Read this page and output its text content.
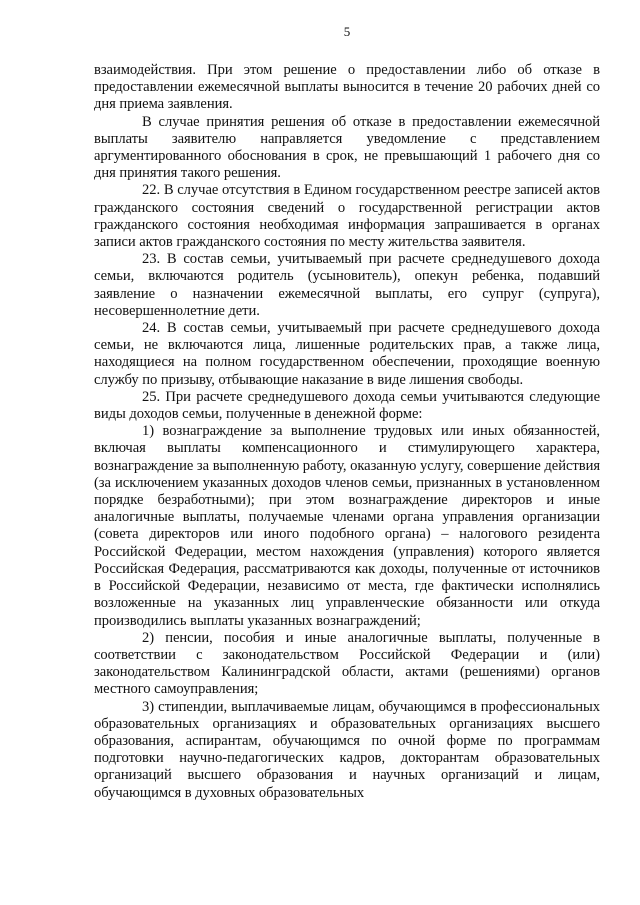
5

взаимодействия. При этом решение о предоставлении либо об отказе в предоставлении ежемесячной выплаты выносится в течение 20 рабочих дней со дня приема заявления.

В случае принятия решения об отказе в предоставлении ежемесячной выплаты заявителю направляется уведомление с представлением аргументированного обоснования в срок, не превышающий 1 рабочего дня со дня принятия такого решения.

22. В случае отсутствия в Едином государственном реестре записей актов гражданского состояния сведений о государственной регистрации актов гражданского состояния необходимая информация запрашивается в органах записи актов гражданского состояния по месту жительства заявителя.

23. В состав семьи, учитываемый при расчете среднедушевого дохода семьи, включаются родитель (усыновитель), опекун ребенка, подавший заявление о назначении ежемесячной выплаты, его супруг (супруга), несовершеннолетние дети.

24. В состав семьи, учитываемый при расчете среднедушевого дохода семьи, не включаются лица, лишенные родительских прав, а также лица, находящиеся на полном государственном обеспечении, проходящие военную службу по призыву, отбывающие наказание в виде лишения свободы.

25. При расчете среднедушевого дохода семьи учитываются следующие виды доходов семьи, полученные в денежной форме:

1) вознаграждение за выполнение трудовых или иных обязанностей, включая выплаты компенсационного и стимулирующего характера, вознаграждение за выполненную работу, оказанную услугу, совершение действия (за исключением указанных доходов членов семьи, признанных в установленном порядке безработными); при этом вознаграждение директоров и иные аналогичные выплаты, получаемые членами органа управления организации (совета директоров или иного подобного органа) – налогового резидента Российской Федерации, местом нахождения (управления) которого является Российская Федерация, рассматриваются как доходы, полученные от источников в Российской Федерации, независимо от места, где фактически исполнялись возложенные на указанных лиц управленческие обязанности или откуда производились выплаты указанных вознаграждений;

2) пенсии, пособия и иные аналогичные выплаты, полученные в соответствии с законодательством Российской Федерации и (или) законодательством Калининградской области, актами (решениями) органов местного самоуправления;

3) стипендии, выплачиваемые лицам, обучающимся в профессиональных образовательных организациях и образовательных организациях высшего образования, аспирантам, обучающимся по очной форме по программам подготовки научно-педагогических кадров, докторантам образовательных организаций высшего образования и научных организаций и лицам, обучающимся в духовных образовательных
